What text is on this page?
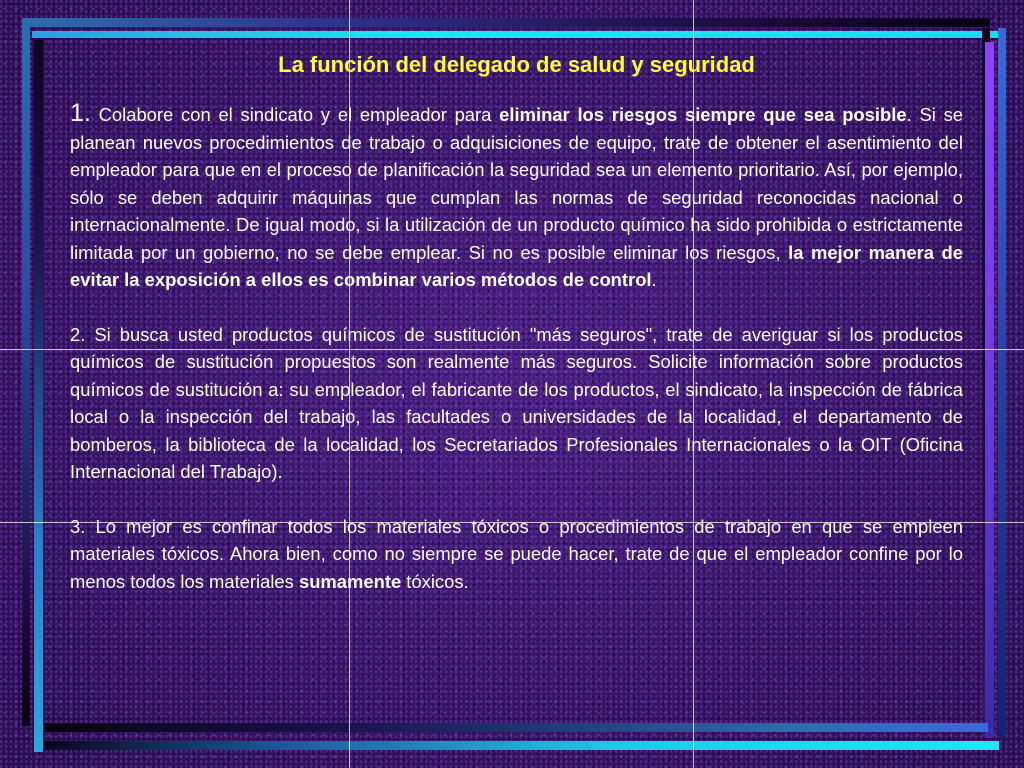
La función del delegado de salud y seguridad
1. Colabore con el sindicato y el empleador para eliminar los riesgos siempre que sea posible. Si se planean nuevos procedimientos de trabajo o adquisiciones de equipo, trate de obtener el asentimiento del empleador para que en el proceso de planificación la seguridad sea un elemento prioritario. Así, por ejemplo, sólo se deben adquirir máquinas que cumplan las normas de seguridad reconocidas nacional o internacionalmente. De igual modo, si la utilización de un producto químico ha sido prohibida o estrictamente limitada por un gobierno, no se debe emplear. Si no es posible eliminar los riesgos, la mejor manera de evitar la exposición a ellos es combinar varios métodos de control.
2. Si busca usted productos químicos de sustitución "más seguros", trate de averiguar si los productos químicos de sustitución propuestos son realmente más seguros. Solicite información sobre productos químicos de sustitución a: su empleador, el fabricante de los productos, el sindicato, la inspección de fábrica local o la inspección del trabajo, las facultades o universidades de la localidad, el departamento de bomberos, la biblioteca de la localidad, los Secretariados Profesionales Internacionales o la OIT (Oficina Internacional del Trabajo).
3. Lo mejor es confinar todos los materiales tóxicos o procedimientos de trabajo en que se empleen materiales tóxicos. Ahora bien, como no siempre se puede hacer, trate de que el empleador confine por lo menos todos los materiales sumamente tóxicos.
